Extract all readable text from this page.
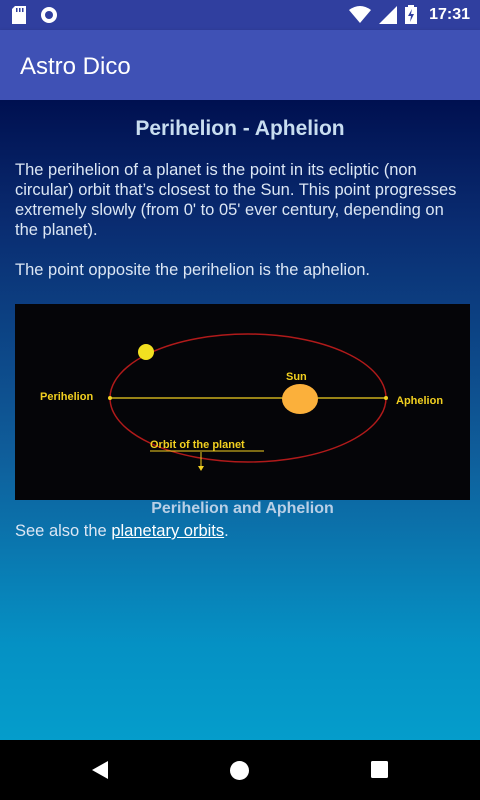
17:31
Astro Dico
Perihelion - Aphelion

The perihelion of a planet is the point in its ecliptic (non circular) orbit that’s closest to the Sun. This point progresses extremely slowly (from 0' to 05' ever century, depending on the planet).

The point opposite the perihelion is the aphelion.

Perihelion	Aphelion
Sun
Orbit of the planet
Perihelion and Aphelion
See also the planetary orbits.
